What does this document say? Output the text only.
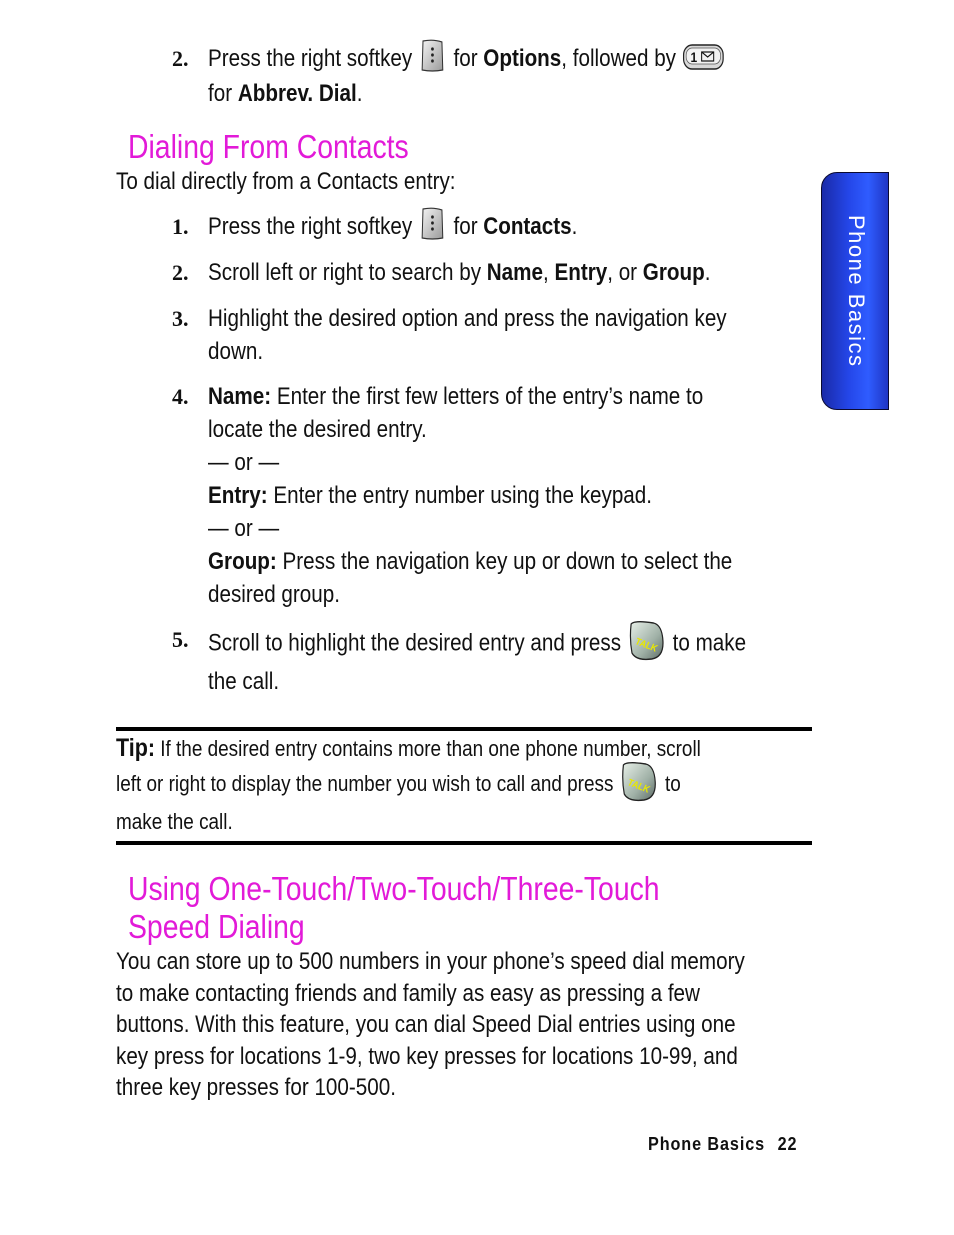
2. Press the right softkey for Options, followed by 1
for Abbrev. Dial.
Dialing From Contacts
To dial directly from a Contacts entry:
1. Press the right softkey for Contacts.
2. Scroll left or right to search by Name, Entry, or Group.
3. Highlight the desired option and press the navigation key
down.
4. Name: Enter the first few letters of the entry’s name to
locate the desired entry.
— or —
Entry: Enter the entry number using the keypad.
— or —
Group: Press the navigation key up or down to select the
desired group.
5. Scroll to highlight the desired entry and press TALK to make
the call.
Tip: If the desired entry contains more than one phone number, scroll
left or right to display the number you wish to call and press TALK to
make the call.
Using One-Touch/Two-Touch/Three-Touch
Speed Dialing
You can store up to 500 numbers in your phone’s speed dial memory
to make contacting friends and family as easy as pressing a few
buttons. With this feature, you can dial Speed Dial entries using one
key press for locations 1-9, two key presses for locations 10-99, and
three key presses for 100-500.
Phone Basics
Phone Basics 22
